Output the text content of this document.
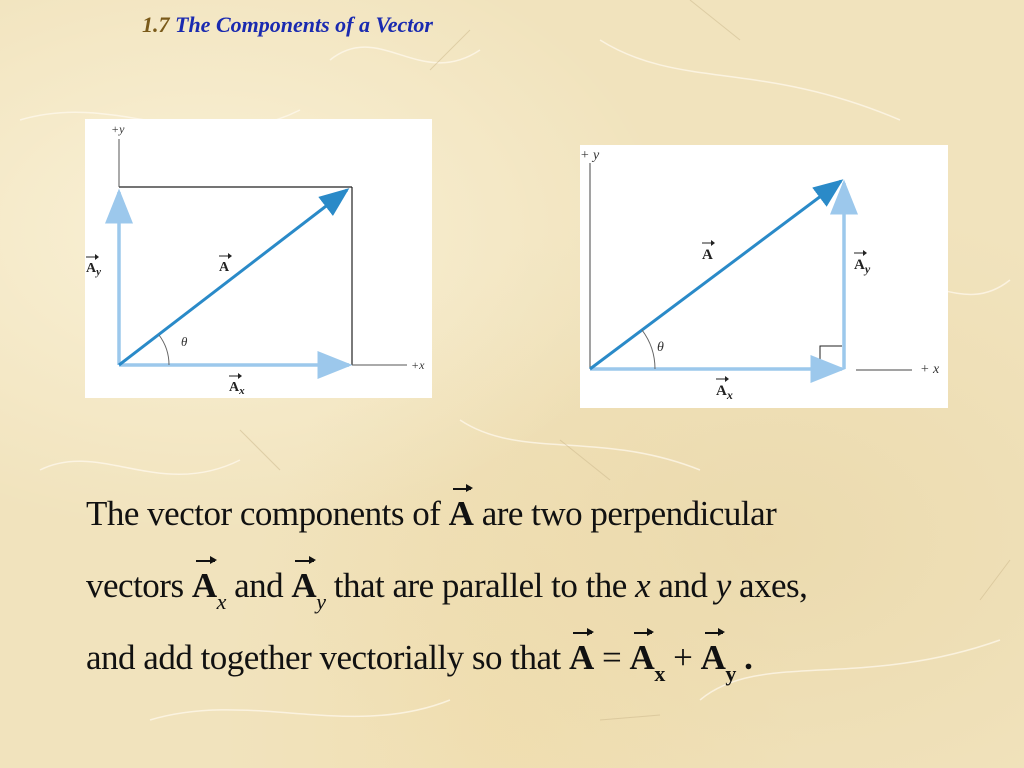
1.7 The Components of a Vector
+y
+x
θ
A
$A_y$
$A_x$
+ y
+ x
θ
A
$A_y$
$A_x$
The vector components of A are two perpendicular
vectors $A_x$ and $A_y$ that are parallel to the x and y axes,
and add together vectorially so that $A = A_x + A_y$ .
